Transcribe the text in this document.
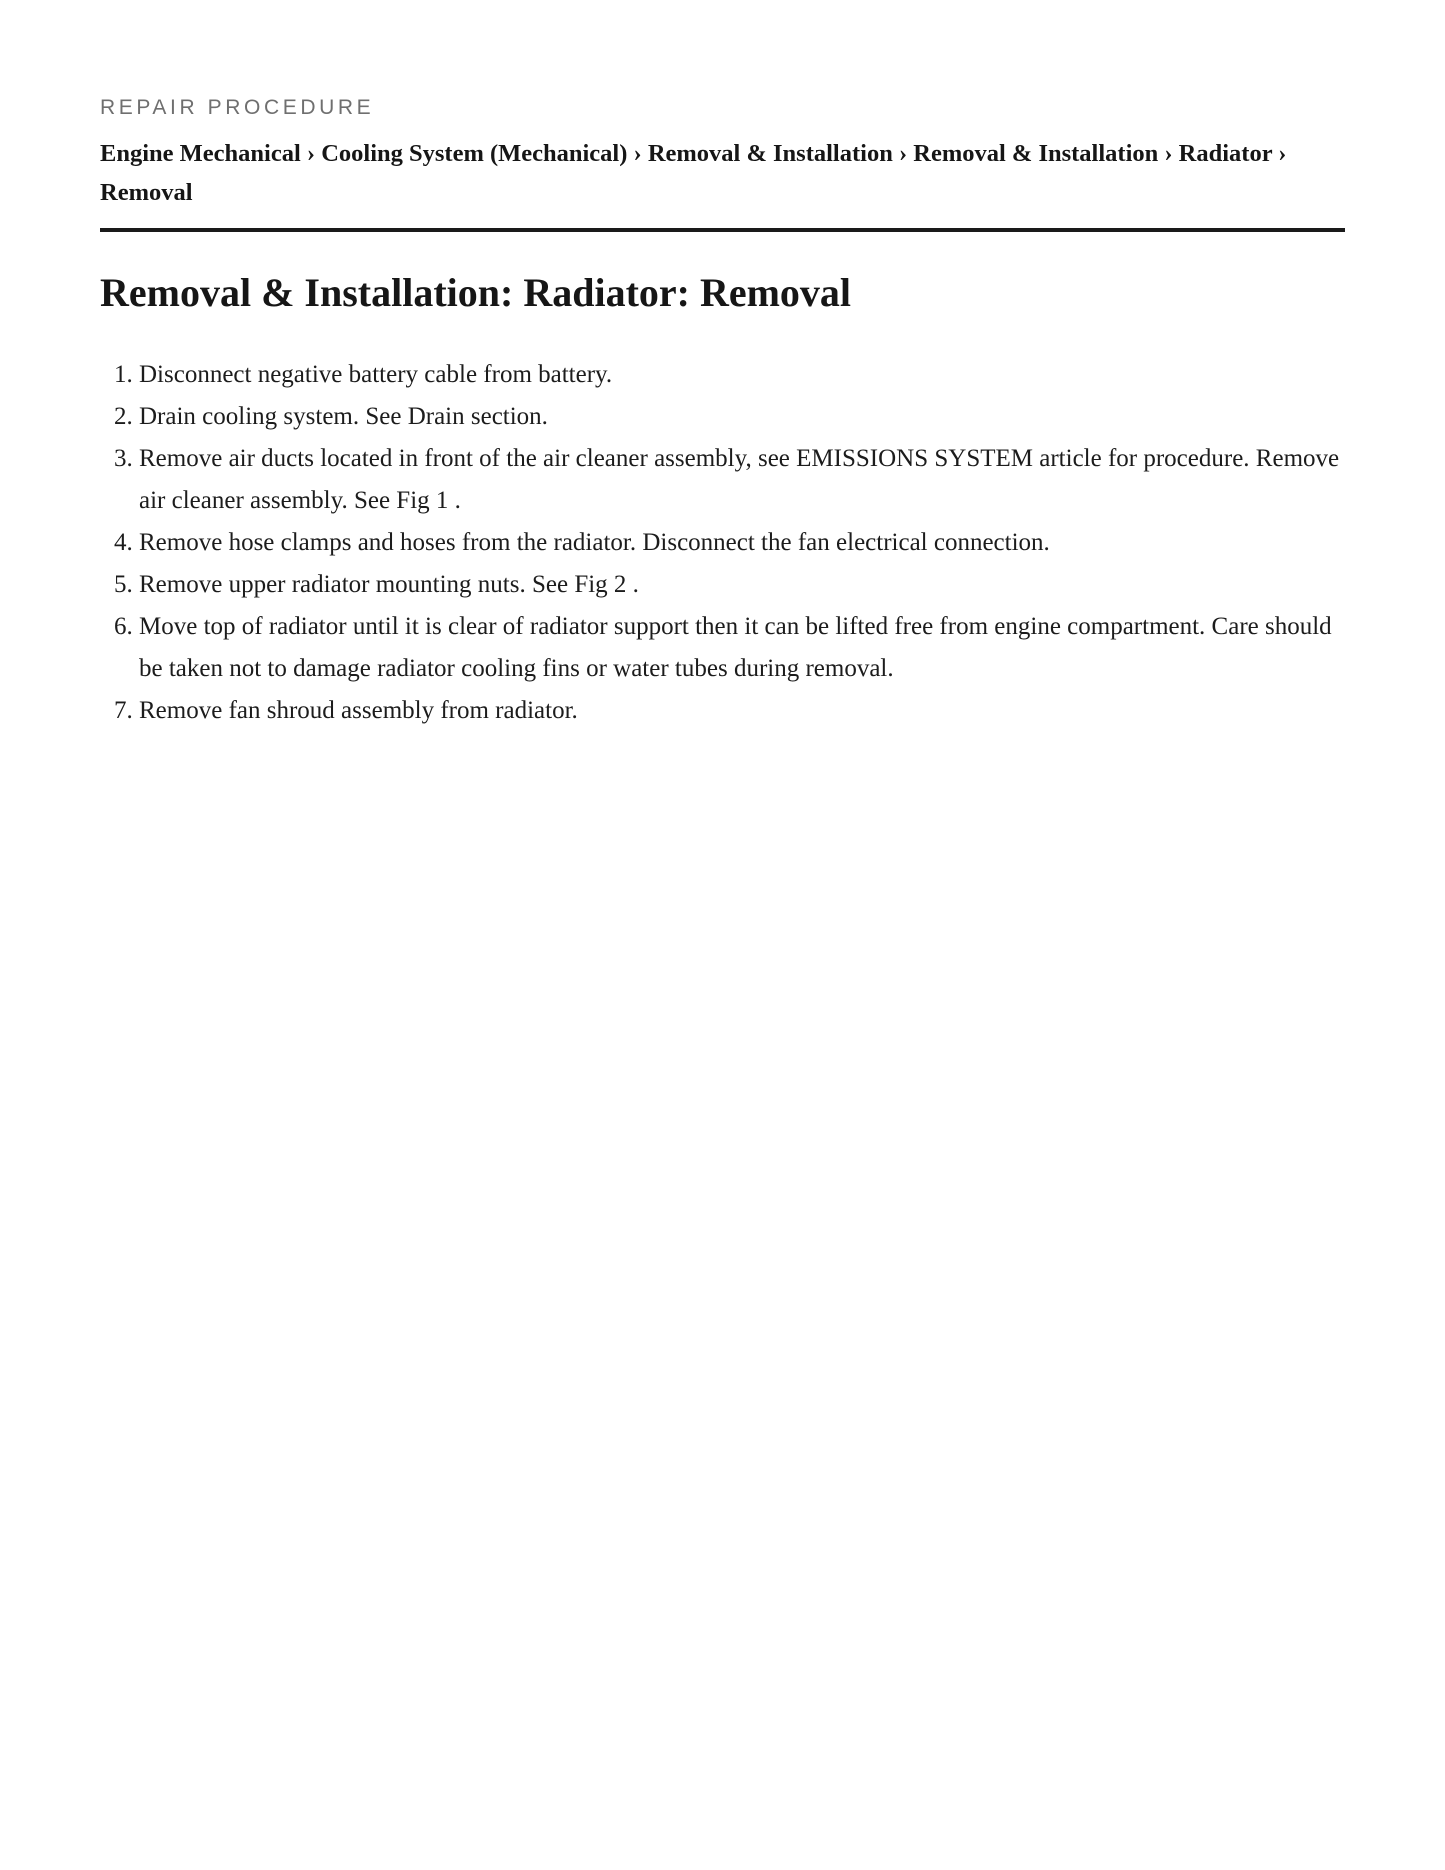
REPAIR PROCEDURE

Engine Mechanical › Cooling System (Mechanical) › Removal & Installation › Removal & Installation › Radiator › Removal
Removal & Installation: Radiator: Removal
1. Disconnect negative battery cable from battery.
2. Drain cooling system. See Drain section.
3. Remove air ducts located in front of the air cleaner assembly, see EMISSIONS SYSTEM article for procedure. Remove air cleaner assembly. See Fig 1 .
4. Remove hose clamps and hoses from the radiator. Disconnect the fan electrical connection.
5. Remove upper radiator mounting nuts. See Fig 2 .
6. Move top of radiator until it is clear of radiator support then it can be lifted free from engine compartment. Care should be taken not to damage radiator cooling fins or water tubes during removal.
7. Remove fan shroud assembly from radiator.
